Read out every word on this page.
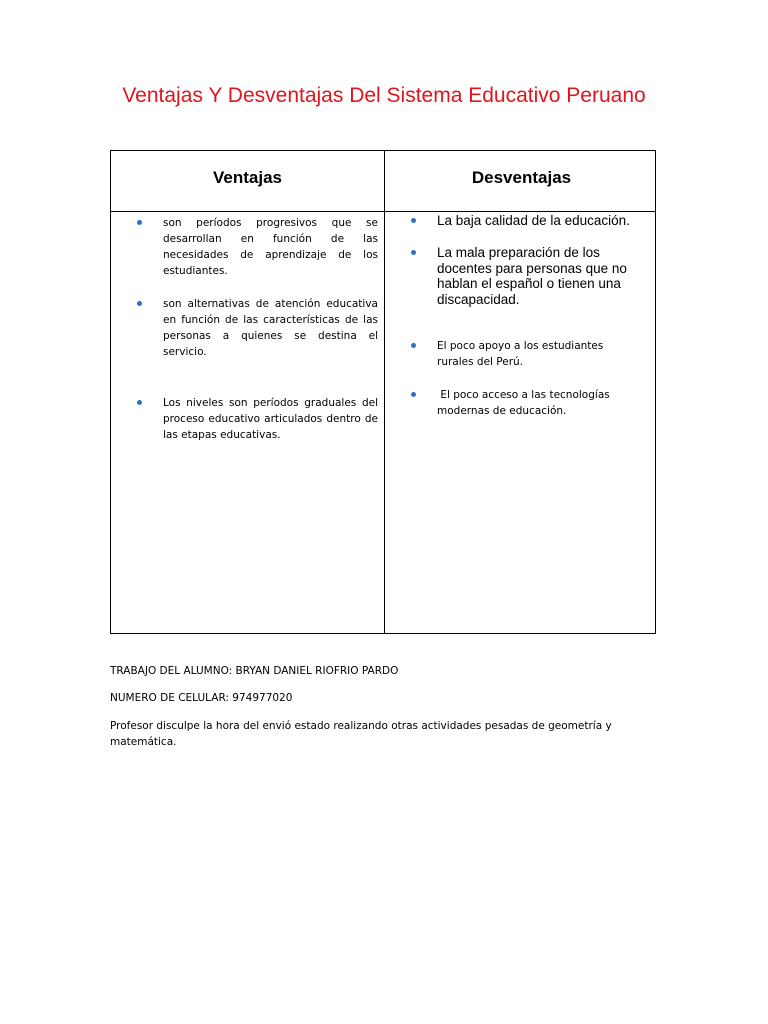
Ventajas Y Desventajas Del Sistema Educativo Peruano
Ventajas	Desventajas
son períodos progresivos que se desarrollan en función de las necesidades de aprendizaje de los estudiantes.
son alternativas de atención educativa en función de las características de las personas a quienes se destina el servicio.
Los niveles son períodos graduales del proceso educativo articulados dentro de las etapas educativas.
La baja calidad de la educación.
La mala preparación de los docentes para personas que no hablan el español o tienen una discapacidad.
El poco apoyo a los estudiantes rurales del Perú.
El poco acceso a las tecnologías modernas de educación.

TRABAJO DEL ALUMNO: BRYAN DANIEL RIOFRIO PARDO

NUMERO DE CELULAR: 974977020

Profesor disculpe la hora del envió estado realizando otras actividades pesadas de geometría y matemática.
